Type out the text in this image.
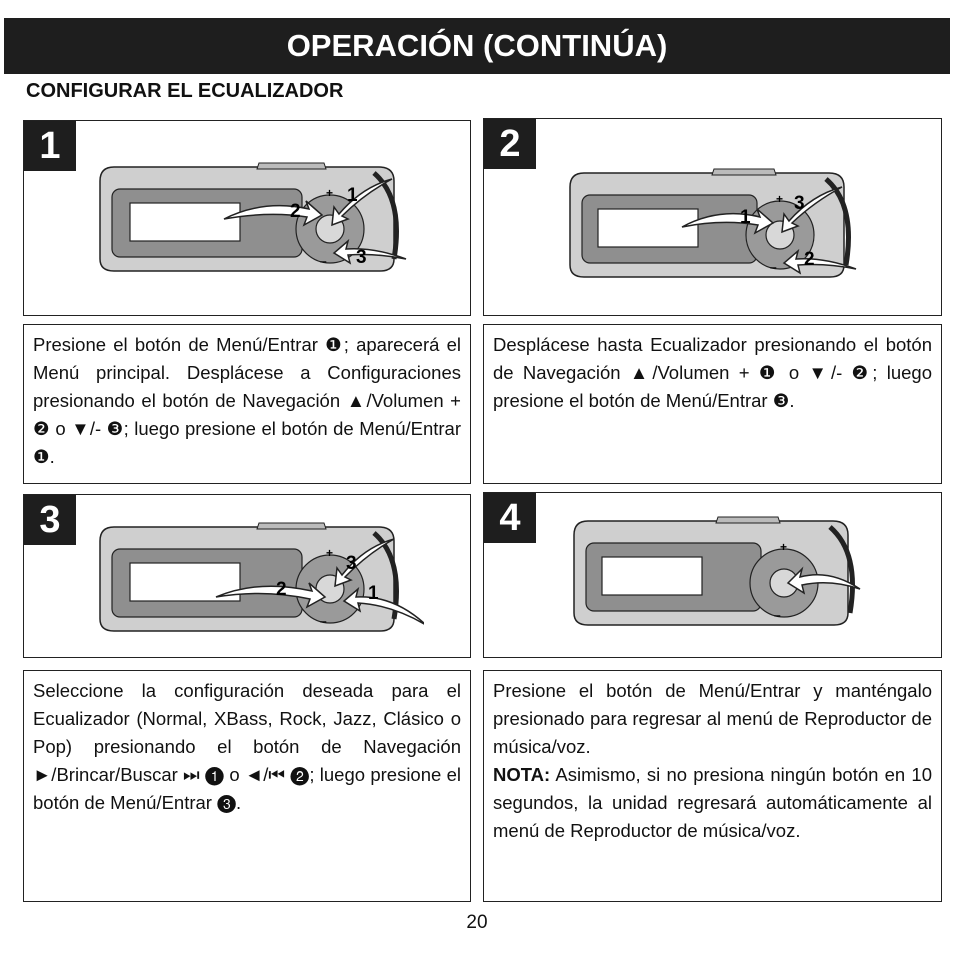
OPERACIÓN (CONTINÚA)
CONFIGURAR EL ECUALIZADOR
1
+
–
1
2
3
2
+
–
1
2
3

Presione el botón de Menú/Entrar ❶; aparecerá el Menú principal. Desplácese a Configuraciones presionando el botón de Navegación ▲/Volumen + ❷ o ▼/- ❸; luego presione el botón de Menú/Entrar ❶.

Desplácese hasta Ecualizador presionando el botón de Navegación ▲/Volumen + ❶ o ▼/- ❷; luego presione el botón de Menú/Entrar ❸.

3
+
–
1
2
3
4
+
–

Seleccione la configuración deseada para el Ecualizador (Normal, XBass, Rock, Jazz, Clásico o Pop) presionando el botón de Navegación ►/Brincar/Buscar ⏭ ❶ o ◄/⏮ ❷; luego presione el botón de Menú/Entrar ❸.

Presione el botón de Menú/Entrar y manténgalo presionado para regresar al menú de Reproductor de música/voz.

NOTA: Asimismo, si no presiona ningún botón en 10 segundos, la unidad regresará automáticamente al menú de Reproductor de música/voz.

20
